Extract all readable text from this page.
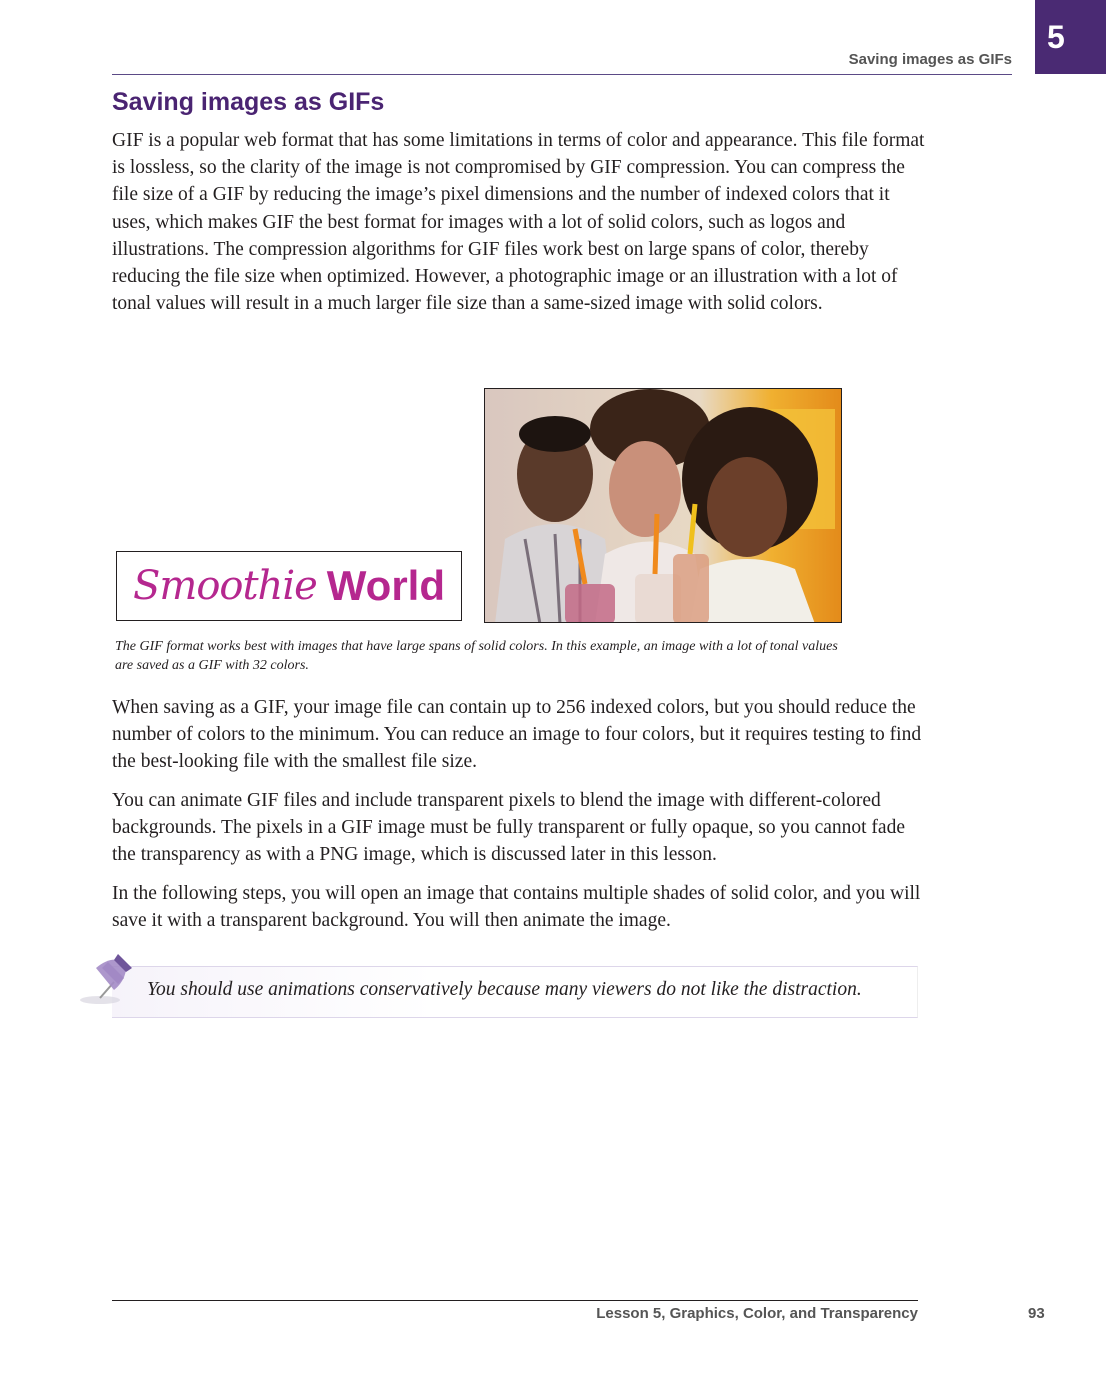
Saving images as GIFs
5
Saving images as GIFs

GIF is a popular web format that has some limitations in terms of color and appearance. This file format is lossless, so the clarity of the image is not compromised by GIF compression. You can compress the file size of a GIF by reducing the image’s pixel dimensions and the number of indexed colors that it uses, which makes GIF the best format for images with a lot of solid colors, such as logos and illustrations. The compression algorithms for GIF files work best on large spans of color, thereby reducing the file size when optimized. However, a photographic image or an illustration with a lot of tonal values will result in a much larger file size than a same-sized image with solid colors.

Smoothie World

The GIF format works best with images that have large spans of solid colors. In this example, an image with a lot of tonal values are saved as a GIF with 32 colors.

When saving as a GIF, your image file can contain up to 256 indexed colors, but you should reduce the number of colors to the minimum. You can reduce an image to four colors, but it requires testing to find the best-looking file with the smallest file size.

You can animate GIF files and include transparent pixels to blend the image with different-colored backgrounds. The pixels in a GIF image must be fully transparent or fully opaque, so you cannot fade the transparency as with a PNG image, which is discussed later in this lesson.

In the following steps, you will open an image that contains multiple shades of solid color, and you will save it with a transparent background. You will then animate the image.

You should use animations conservatively because many viewers do not like the distraction.

Lesson 5, Graphics, Color, and Transparency	93
